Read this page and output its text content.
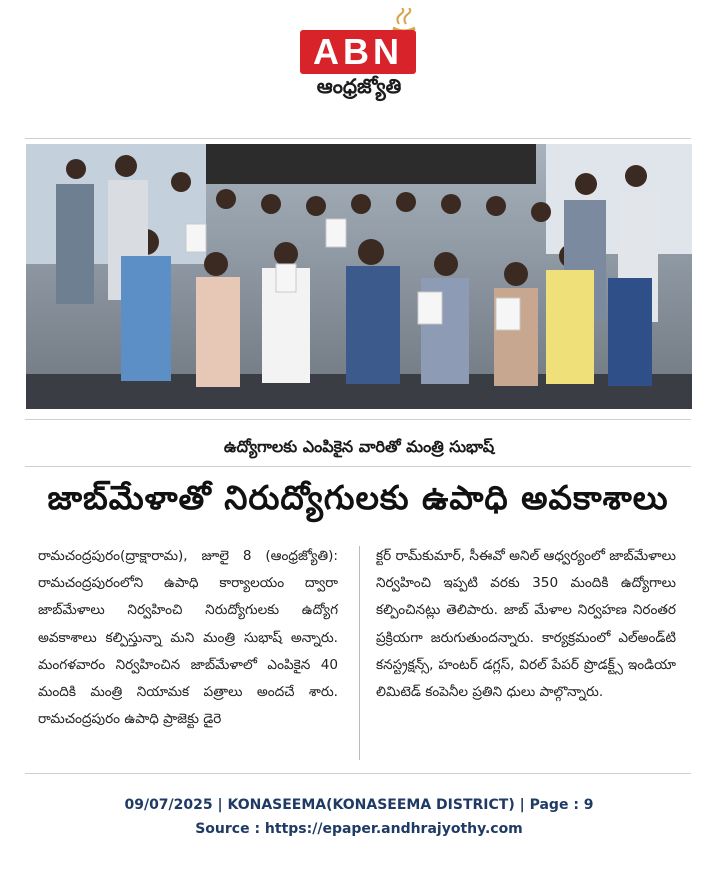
ABN
ఆంధ్రజ్యోతి
ఉద్యోగాలకు ఎంపికైన వారితో మంత్రి సుభాష్
జాబ్‌మేళాతో నిరుద్యోగులకు ఉపాధి అవకాశాలు

రామచంద్రపురం(ద్రాక్షారామ), జూలై 8 (ఆంధ్రజ్యోతి): రామచంద్రపురంలోని ఉపాధి కార్యాలయం ద్వారా జాబ్‌మేళాలు నిర్వహించి నిరుద్యోగులకు ఉద్యోగ అవకాశాలు కల్పిస్తున్నా మని మంత్రి సుభాష్ అన్నారు. మంగళవారం నిర్వహించిన జాబ్‌మేళాలో ఎంపికైన 40 మందికి మంత్రి నియామక పత్రాలు అందచే శారు. రామచంద్రపురం ఉపాధి ప్రాజెక్టు డైరె

క్టర్ రామ్‌కుమార్, సీఈవో అనిల్ ఆధ్వర్యంలో జాబ్‌మేళాలు నిర్వహించి ఇప్పటి వరకు 350 మందికి ఉద్యోగాలు కల్పించినట్లు తెలిపారు. జాబ్ మేళాల నిర్వహణ నిరంతర ప్రక్రియగా జరుగుతుందన్నారు. కార్యక్రమంలో ఎల్అండ్‌టి కనస్ట్రక్షన్స్, హంటర్ డగ్లస్, విరల్ పేపర్ ప్రొడక్ట్స్ ఇండియా లిమిటెడ్ కంపెనీల ప్రతిని ధులు పాల్గొన్నారు.

09/07/2025 | KONASEEMA(KONASEEMA DISTRICT) | Page : 9
Source : https://epaper.andhrajyothy.com
